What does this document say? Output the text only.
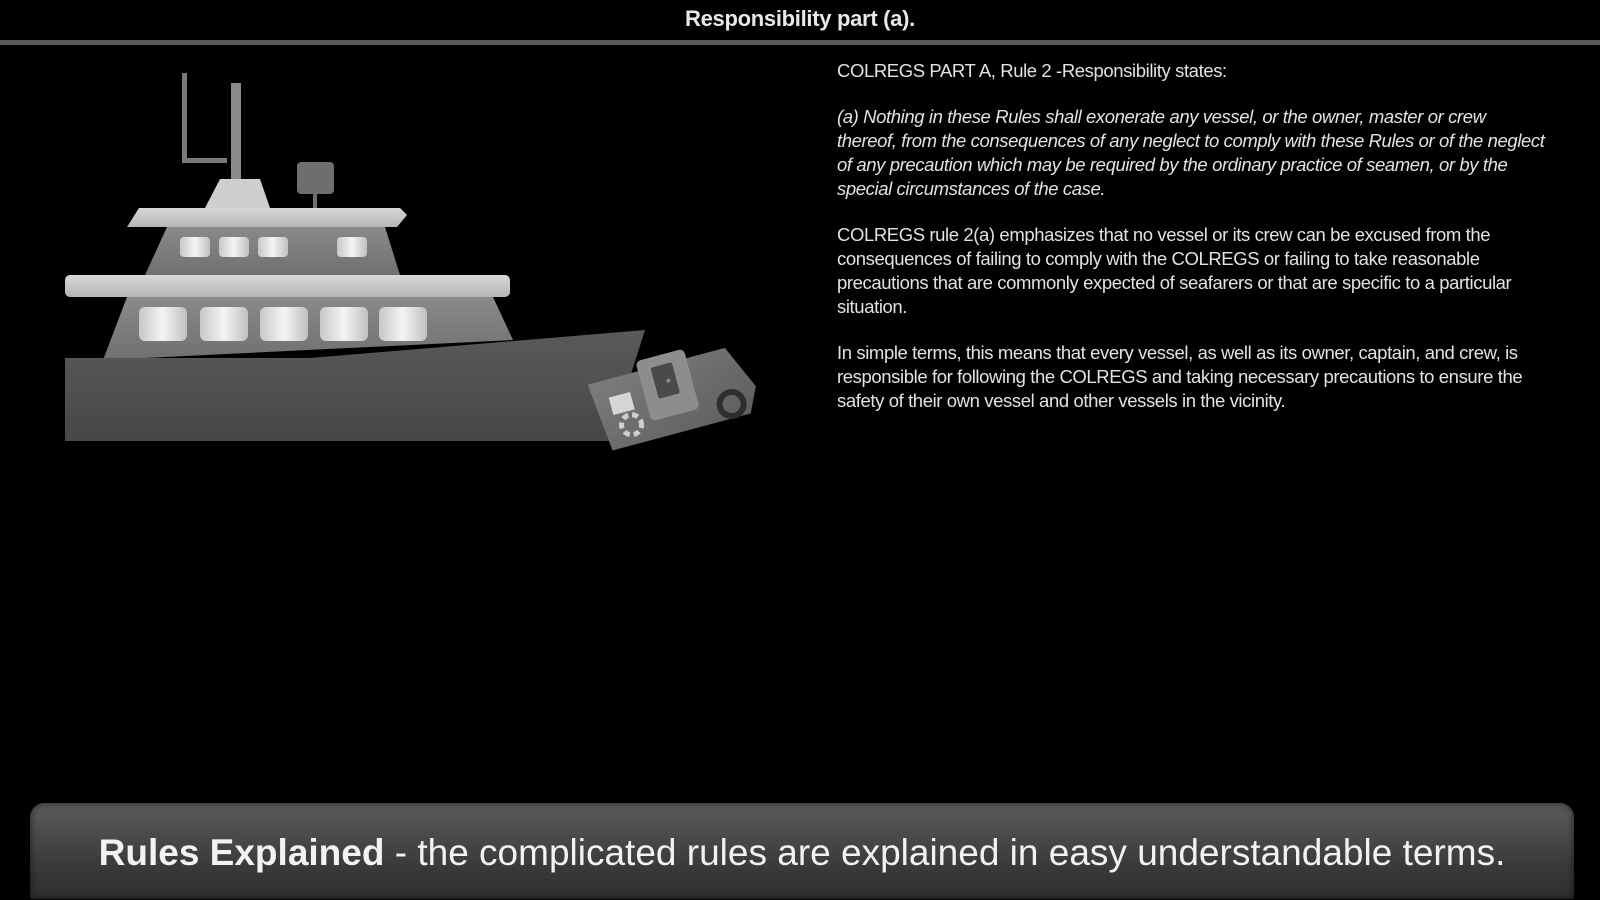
Responsibility part (a).

COLREGS PART A, Rule 2 -Responsibility states:

(a) Nothing in these Rules shall exonerate any vessel, or the owner, master or crew thereof, from the consequences of any neglect to comply with these Rules or of the neglect of any precaution which may be required by the ordinary practice of seamen, or by the special circumstances of the case.

COLREGS rule 2(a) emphasizes that no vessel or its crew can be excused from the consequences of failing to comply with the COLREGS or failing to take reasonable precautions that are commonly expected of seafarers or that are specific to a particular situation.

In simple terms, this means that every vessel, as well as its owner, captain, and crew, is responsible for following the COLREGS and taking necessary precautions to ensure the safety of their own vessel and other vessels in the vicinity.

Rules Explained - the complicated rules are explained in easy understandable terms.
